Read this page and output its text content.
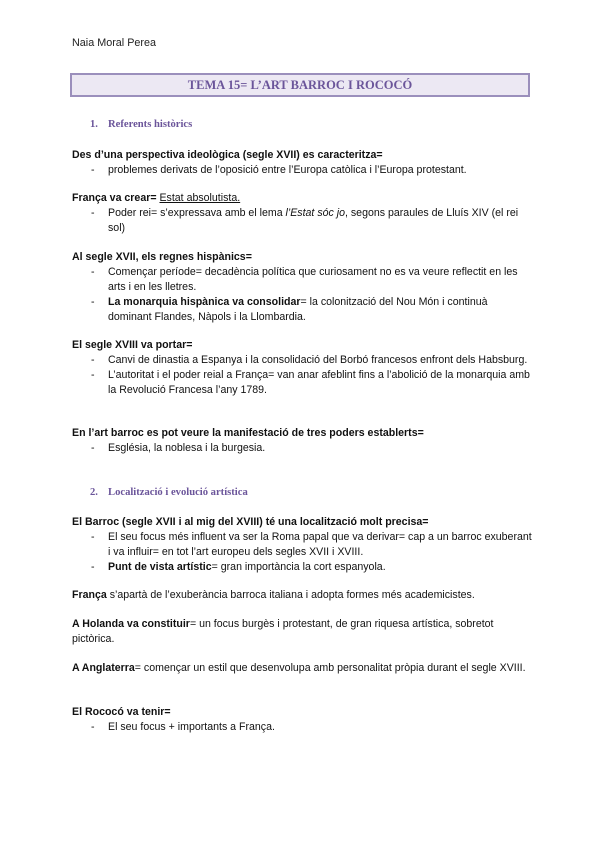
Naia Moral Perea
TEMA 15= L’ART BARROC I ROCOCÓ
1. Referents històrics

Des d’una perspectiva ideològica (segle XVII) es caracteritza=

- problemes derivats de l’oposició entre l’Europa catòlica i l’Europa protestant.

França va crear= Estat absolutista.

- Poder rei= s’expressava amb el lema l’Estat sóc jo, segons paraules de Lluís XIV (el rei sol)

Al segle XVII, els regnes hispànics=

- Començar període= decadència política que curiosament no es va veure reflectit en les arts i en les lletres.
- La monarquia hispànica va consolidar= la colonització del Nou Món i continuà dominant Flandes, Nàpols i la Llombardia.

El segle XVIII va portar=

- Canvi de dinastia a Espanya i la consolidació del Borbó francesos enfront dels Habsburg.
- L’autoritat i el poder reial a França= van anar afeblint fins a l’abolició de la monarquia amb la Revolució Francesa l’any 1789.

En l’art barroc es pot veure la manifestació de tres poders establerts=

- Església, la noblesa i la burgesia.
2. Localització i evolució artística

El Barroc (segle XVII i al mig del XVIII) té una localització molt precisa=

- El seu focus més influent va ser la Roma papal que va derivar= cap a un barroc exuberant i va influir= en tot l’art europeu dels segles XVII i XVIII.
- Punt de vista artístic= gran importància la cort espanyola.

França s’apartà de l’exuberància barroca italiana i adopta formes més academicistes.

A Holanda va constituir= un focus burgès i protestant, de gran riquesa artística, sobretot pictòrica.

A Anglaterra= començar un estil que desenvolupa amb personalitat pròpia durant el segle XVIII.

El Rococó va tenir=

- El seu focus + importants a França.
